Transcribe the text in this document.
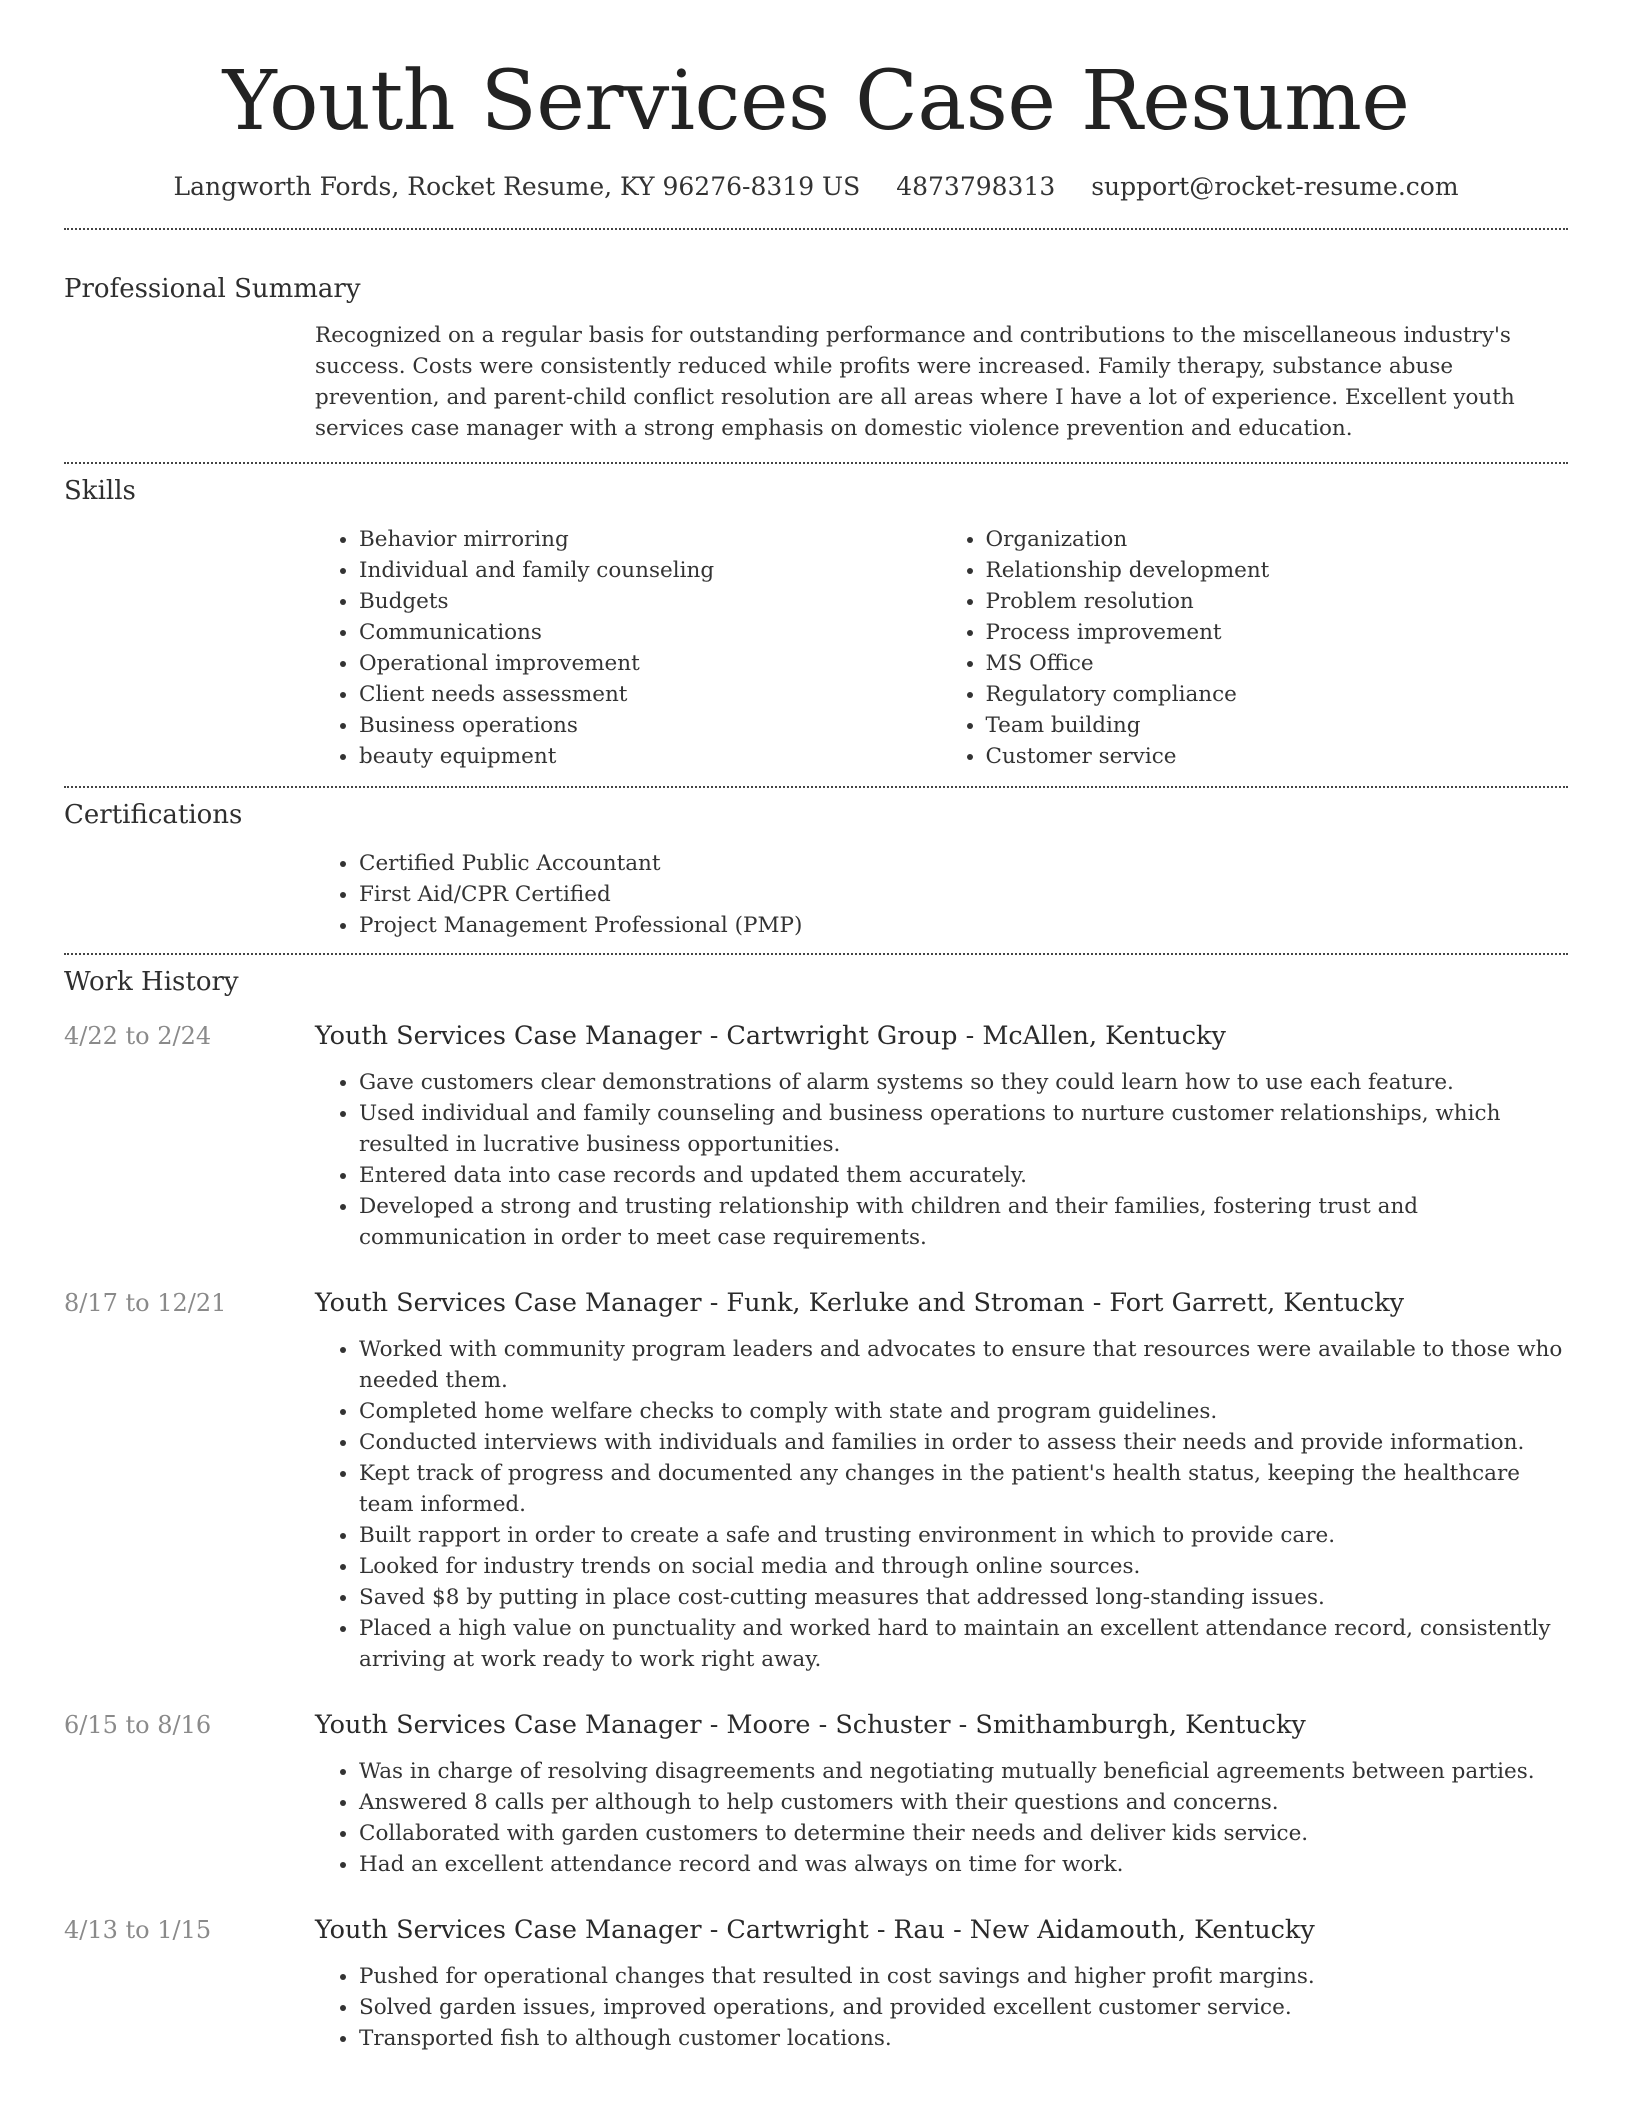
Youth Services Case Resume
Langworth Fords, Rocket Resume, KY 96276-8319 US 4873798313 support@rocket-resume.com
Professional Summary
Recognized on a regular basis for outstanding performance and contributions to the miscellaneous industry's success. Costs were consistently reduced while profits were increased. Family therapy, substance abuse prevention, and parent-child conflict resolution are all areas where I have a lot of experience. Excellent youth services case manager with a strong emphasis on domestic violence prevention and education.
Skills
• Behavior mirroring
• Individual and family counseling
• Budgets
• Communications
• Operational improvement
• Client needs assessment
• Business operations
• beauty equipment
• Organization
• Relationship development
• Problem resolution
• Process improvement
• MS Office
• Regulatory compliance
• Team building
• Customer service
Certifications
• Certified Public Accountant
• First Aid/CPR Certified
• Project Management Professional (PMP)
Work History
4/22 to 2/24	Youth Services Case Manager - Cartwright Group - McAllen, Kentucky
• Gave customers clear demonstrations of alarm systems so they could learn how to use each feature.
• Used individual and family counseling and business operations to nurture customer relationships, which resulted in lucrative business opportunities.
• Entered data into case records and updated them accurately.
• Developed a strong and trusting relationship with children and their families, fostering trust and communication in order to meet case requirements.
8/17 to 12/21	Youth Services Case Manager - Funk, Kerluke and Stroman - Fort Garrett, Kentucky
• Worked with community program leaders and advocates to ensure that resources were available to those who needed them.
• Completed home welfare checks to comply with state and program guidelines.
• Conducted interviews with individuals and families in order to assess their needs and provide information.
• Kept track of progress and documented any changes in the patient's health status, keeping the healthcare team informed.
• Built rapport in order to create a safe and trusting environment in which to provide care.
• Looked for industry trends on social media and through online sources.
• Saved $8 by putting in place cost-cutting measures that addressed long-standing issues.
• Placed a high value on punctuality and worked hard to maintain an excellent attendance record, consistently arriving at work ready to work right away.
6/15 to 8/16	Youth Services Case Manager - Moore - Schuster - Smithamburgh, Kentucky
• Was in charge of resolving disagreements and negotiating mutually beneficial agreements between parties.
• Answered 8 calls per although to help customers with their questions and concerns.
• Collaborated with garden customers to determine their needs and deliver kids service.
• Had an excellent attendance record and was always on time for work.
4/13 to 1/15	Youth Services Case Manager - Cartwright - Rau - New Aidamouth, Kentucky
• Pushed for operational changes that resulted in cost savings and higher profit margins.
• Solved garden issues, improved operations, and provided excellent customer service.
• Transported fish to although customer locations.
